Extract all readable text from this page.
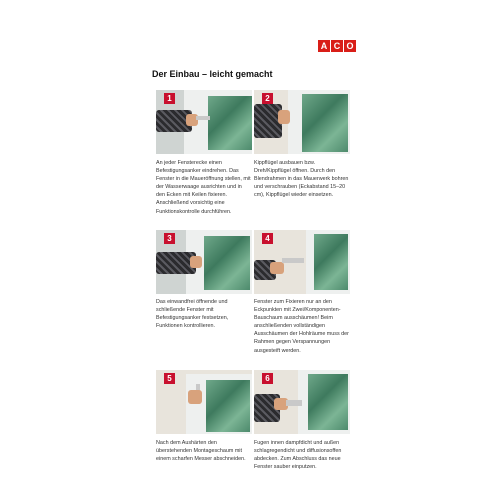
A C O
Der Einbau – leicht gemacht
1
An jeder Fensterecke einen Befestigungsanker eindrehen. Das Fenster in die Maueröffnung stellen, mit der Wasserwaage ausrichten und in den Ecken mit Keilen fixieren. Anschließend vorsichtig eine Funktionskontrolle durchführen.
2
Kippflügel ausbauen bzw. Dreh/Kippflügel öffnen. Durch den Blendrahmen in das Mauerwerk bohren und verschrauben (Eckabstand 15–20 cm), Kippflügel wieder einsetzen.
3
Das einwandfrei öffnende und schließende Fenster mit Befestigungsanker festsetzen, Funktionen kontrollieren.
4
Fenster zum Fixieren nur an den Eckpunkten mit Zwei/Komponenten-Bauschaum ausschäumen! Beim anschließenden vollständigen Ausschäumen der Hohlräume muss der Rahmen gegen Verspannungen ausgesteift werden.
5
Nach dem Aushärten den überstehenden Montageschaum mit einem scharfen Messer abschneiden.
6
Fugen innen dampfdicht und außen schlagregendicht und diffusionsoffen abdecken. Zum Abschluss das neue Fenster sauber einputzen.
